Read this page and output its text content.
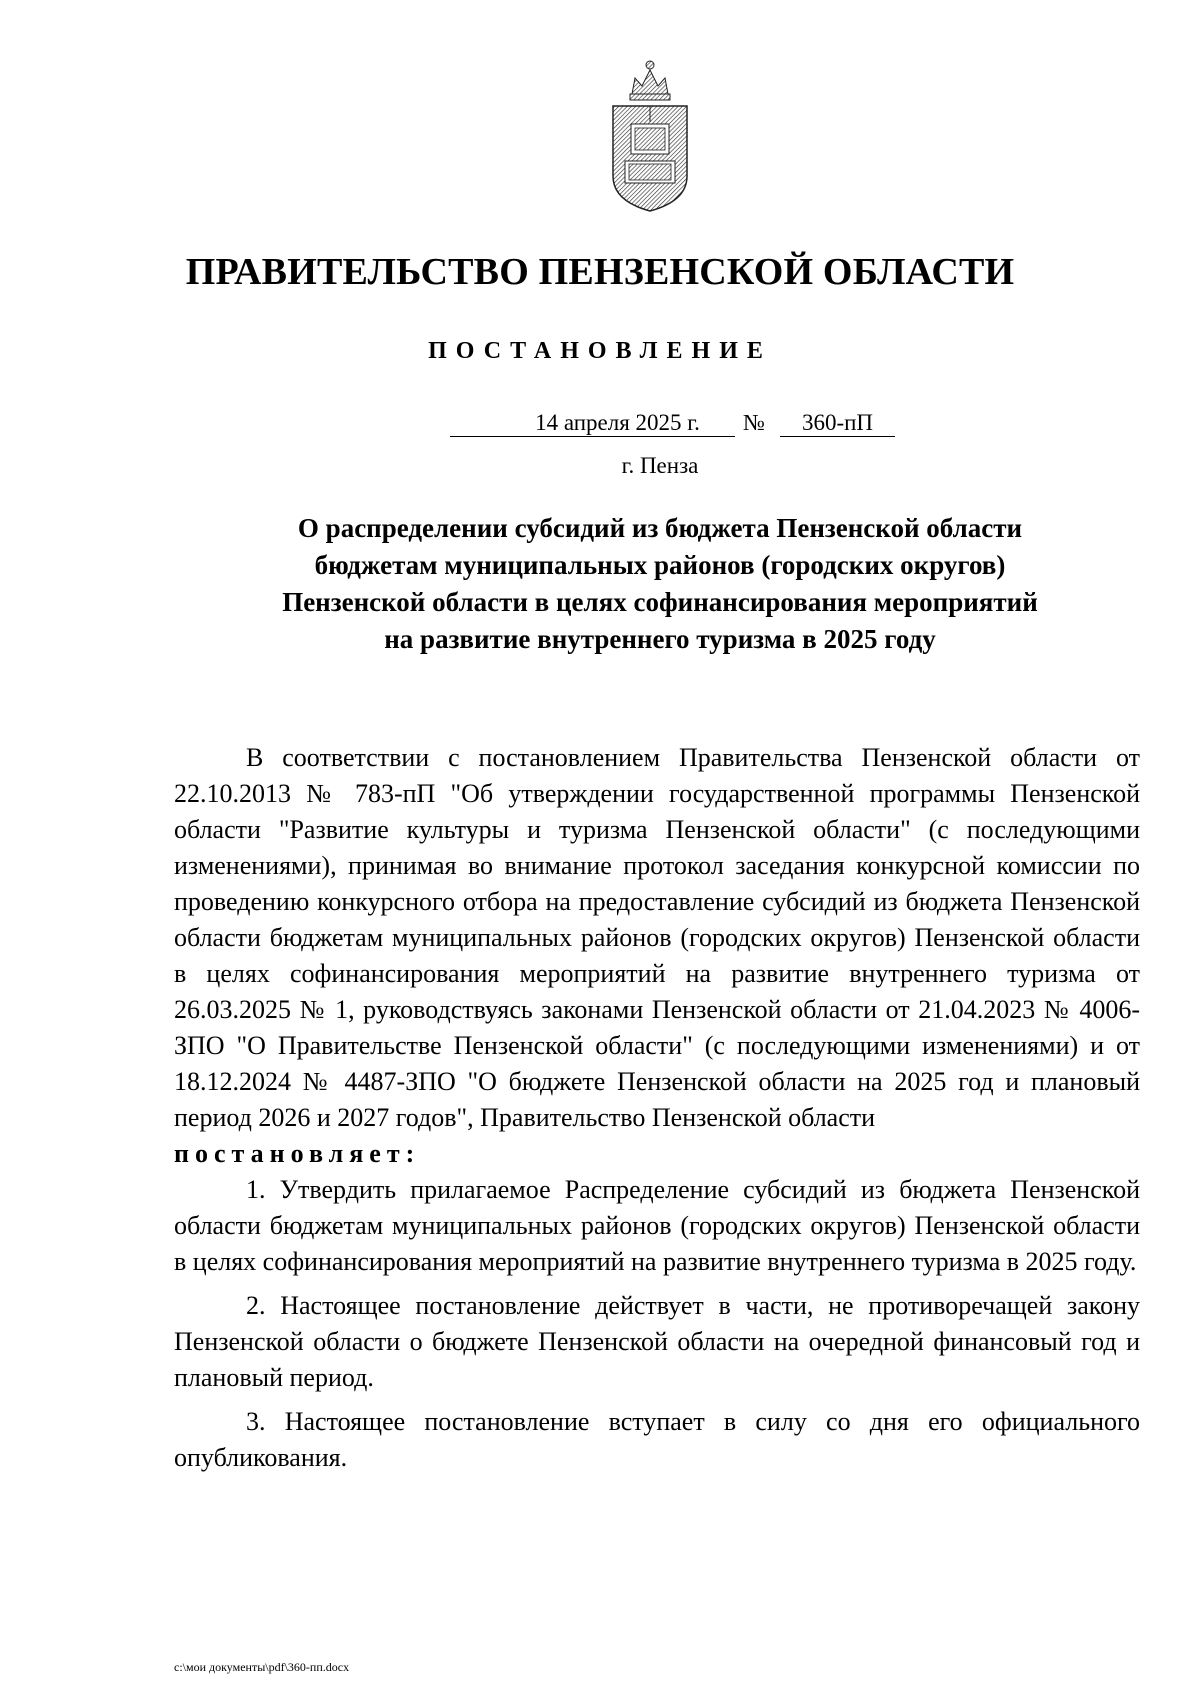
ПРАВИТЕЛЬСТВО ПЕНЗЕНСКОЙ ОБЛАСТИ
ПОСТАНОВЛЕНИЕ
14 апреля 2025 г.	№	360-пП
г. Пенза
О распределении субсидий из бюджета Пензенской области
бюджетам муниципальных районов (городских округов)
Пензенской области в целях софинансирования мероприятий
на развитие внутреннего туризма в 2025 году

В соответствии с постановлением Правительства Пензенской области от 22.10.2013 № 783-пП "Об утверждении государственной программы Пензенской области "Развитие культуры и туризма Пензенской области" (с последующими изменениями), принимая во внимание протокол заседания конкурсной комиссии по проведению конкурсного отбора на предоставление субсидий из бюджета Пензенской области бюджетам муниципальных районов (городских округов) Пензенской области в целях софинансирования мероприятий на развитие внутреннего туризма от 26.03.2025 № 1, руководствуясь законами Пензенской области от 21.04.2023 № 4006-ЗПО "О Правительстве Пензенской области" (с последующими изменениями) и от 18.12.2024 № 4487-ЗПО "О бюджете Пензенской области на 2025 год и плановый период 2026 и 2027 годов", Правительство Пензенской области

постановляет:

1. Утвердить прилагаемое Распределение субсидий из бюджета Пензенской области бюджетам муниципальных районов (городских округов) Пензенской области в целях софинансирования мероприятий на развитие внутреннего туризма в 2025 году.

2. Настоящее постановление действует в части, не противоречащей закону Пензенской области о бюджете Пензенской области на очередной финансовый год и плановый период.

3. Настоящее постановление вступает в силу со дня его официального опубликования.

c:\мои документы\pdf\360-пп.docx
